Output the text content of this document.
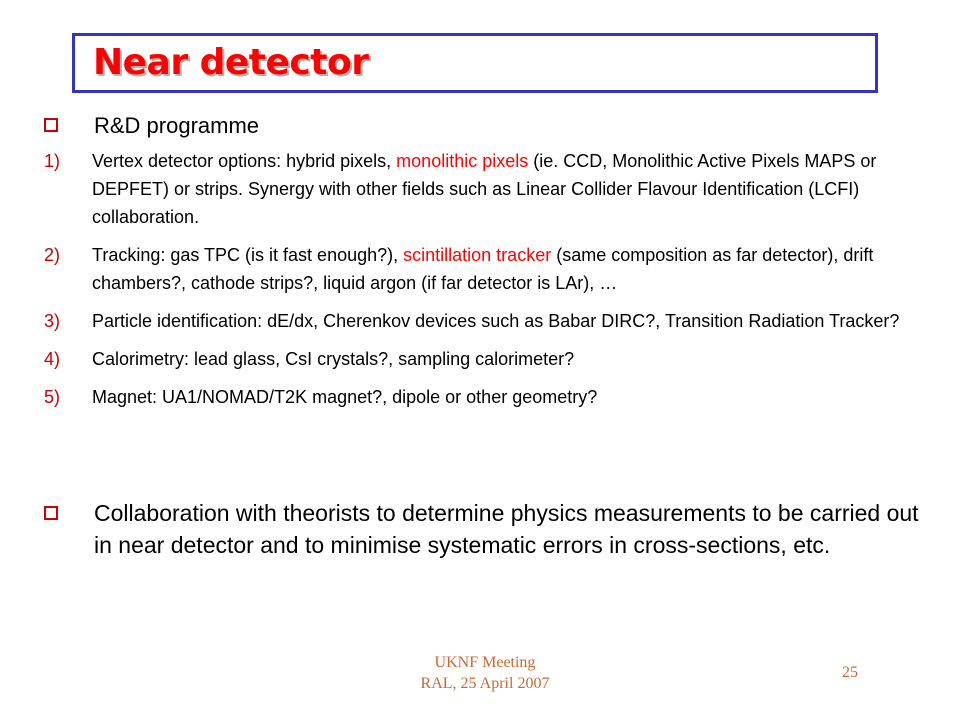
Near detector
R&D programme
1) Vertex detector options: hybrid pixels, monolithic pixels (ie. CCD, Monolithic Active Pixels MAPS or DEPFET) or strips. Synergy with other fields such as Linear Collider Flavour Identification (LCFI) collaboration.
2) Tracking: gas TPC (is it fast enough?), scintillation tracker (same composition as far detector), drift chambers?, cathode strips?, liquid argon (if far detector is LAr), …
3) Particle identification: dE/dx, Cherenkov devices such as Babar DIRC?, Transition Radiation Tracker?
4) Calorimetry: lead glass, CsI crystals?, sampling calorimeter?
5) Magnet: UA1/NOMAD/T2K magnet?, dipole or other geometry?
Collaboration with theorists to determine physics measurements to be carried out in near detector and to minimise systematic errors in cross-sections, etc.
UKNF Meeting
RAL, 25 April 2007
25
